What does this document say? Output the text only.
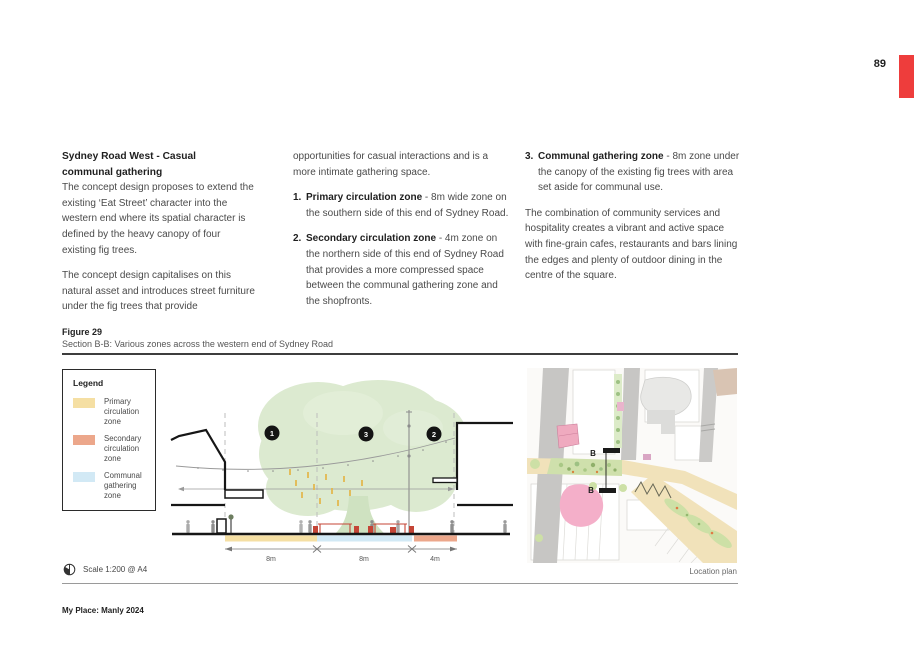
89
Sydney Road West - Casual
communal gathering

The concept design proposes to extend the existing ‘Eat Street’ character into the western end where its spatial character is defined by the heavy canopy of four existing fig trees.

The concept design capitalises on this natural asset and introduces street furniture under the fig trees that provide

opportunities for casual interactions and is a more intimate gathering space.

1. Primary circulation zone - 8m wide zone on the southern side of this end of Sydney Road.
2. Secondary circulation zone - 4m zone on the northern side of this end of Sydney Road that provides a more compressed space between the communal gathering zone and the shopfronts.
3. Communal gathering zone - 8m zone under the canopy of the existing fig trees with area set aside for communal use.

The combination of community services and hospitality creates a vibrant and active space with fine-grain cafes, restaurants and bars lining the edges and plenty of outdoor dining in the centre of the square.

Figure 29
Section B-B: Various zones across the western end of Sydney Road
Legend
Primary circulation zone
Secondary circulation zone
Communal gathering zone
8m	8m	4m
1	3	2
B
B
Scale 1:200 @ A4	Location plan
My Place: Manly 2024
